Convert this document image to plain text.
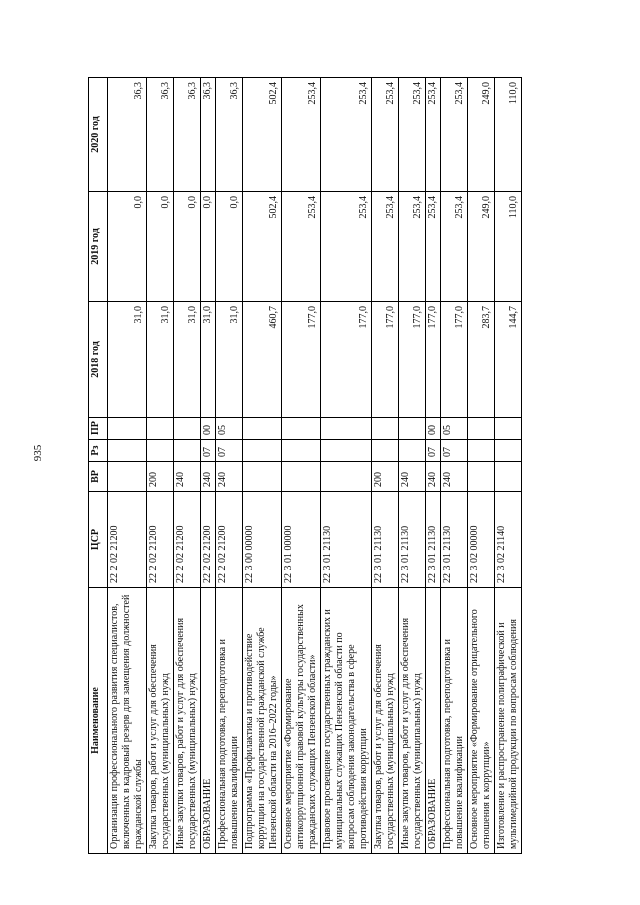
935
Наименование	ЦСР	ВР	Рз	ПР	2018 год	2019 год	2020 год
Организация профессионального развития специалистов, включенных в кадровый резерв для замещения должностей гражданской службы	22 2 02 21200				31,0	0,0	36,3
Закупка товаров, работ и услуг для обеспечения государственных (муниципальных) нужд	22 2 02 21200	200			31,0	0,0	36,3
Иные закупки товаров, работ и услуг для обеспечения государственных (муниципальных) нужд	22 2 02 21200	240			31,0	0,0	36,3
ОБРАЗОВАНИЕ	22 2 02 21200	240	07	00	31,0	0,0	36,3
Профессиональная подготовка, переподготовка и повышение квалификации	22 2 02 21200	240	07	05	31,0	0,0	36,3
Подпрограмма «Профилактика и противодействие коррупции на государственной гражданской службе Пензенской области на 2016–2022 годы»	22 3 00 00000				460,7	502,4	502,4
Основное мероприятие «Формирование антикоррупционной правовой культуры государственных гражданских служащих Пензенской области»	22 3 01 00000				177,0	253,4	253,4
Правовое просвещение государственных гражданских и муниципальных служащих Пензенской области по вопросам соблюдения законодательства в сфере противодействия коррупции	22 3 01 21130				177,0	253,4	253,4
Закупка товаров, работ и услуг для обеспечения государственных (муниципальных) нужд	22 3 01 21130	200			177,0	253,4	253,4
Иные закупки товаров, работ и услуг для обеспечения государственных (муниципальных) нужд	22 3 01 21130	240			177,0	253,4	253,4
ОБРАЗОВАНИЕ	22 3 01 21130	240	07	00	177,0	253,4	253,4
Профессиональная подготовка, переподготовка и повышение квалификации	22 3 01 21130	240	07	05	177,0	253,4	253,4
Основное мероприятие «Формирование отрицательного отношения к коррупции»	22 3 02 00000				283,7	249,0	249,0
Изготовление и распространение полиграфической и мультимедийной продукции по вопросам соблюдения	22 3 02 21140				144,7	110,0	110,0
